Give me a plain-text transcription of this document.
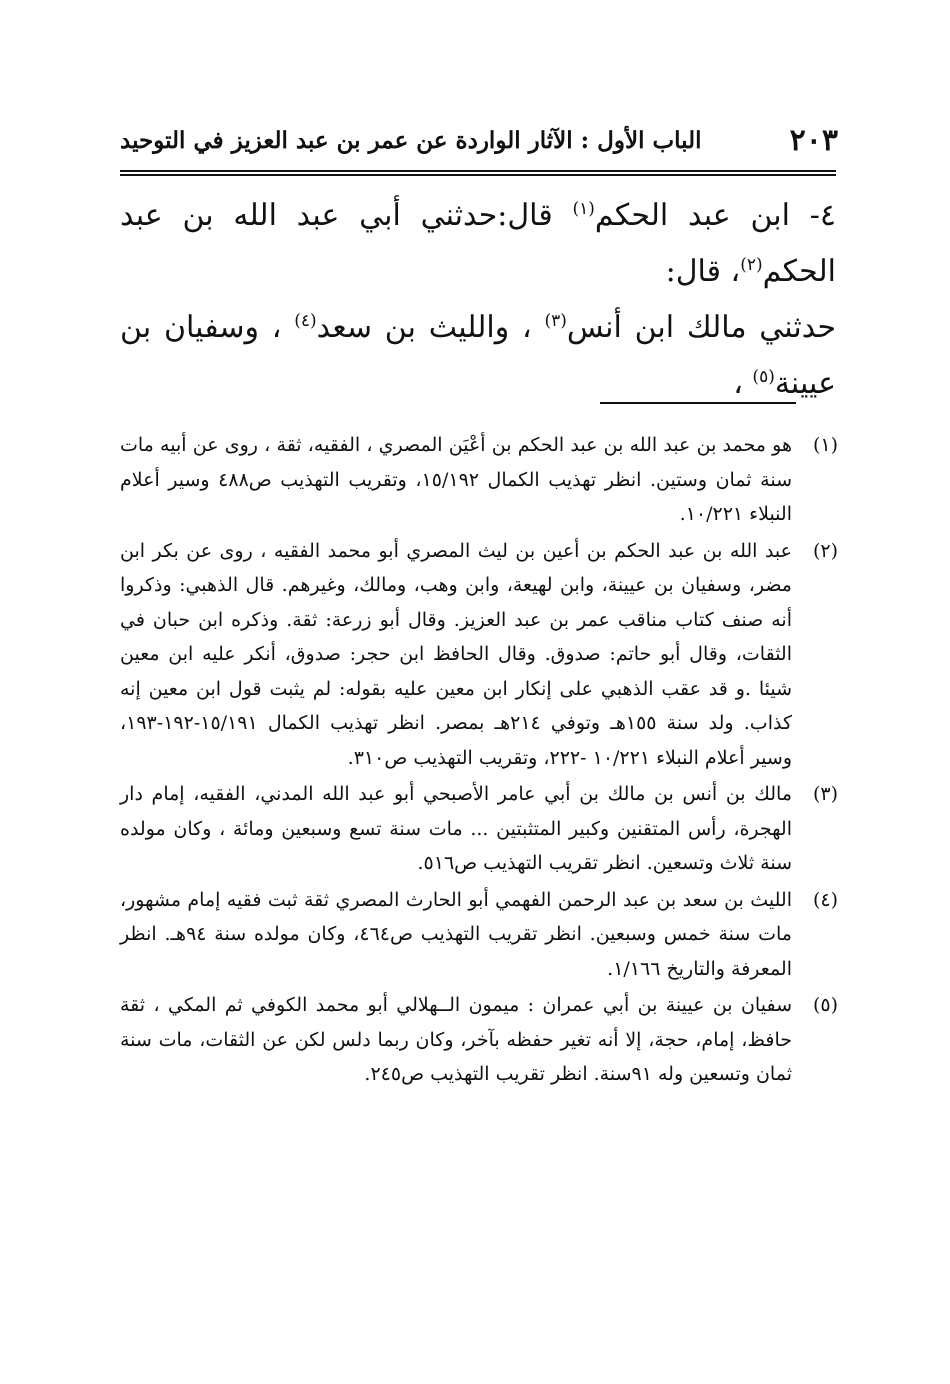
٢٠٣
الباب الأول : الآثار الواردة عن عمر بن عبد العزيز في التوحيد

٤- ابن عبد الحكم$^{(١)}$ قال:حدثني أبي عبد الله بن عبد الحكم$^{(٢)}$، قال:

حدثني مالك ابن أنس$^{(٣)}$ ، والليث بن سعد$^{(٤)}$ ، وسفيان بن عيينة$^{(٥)}$ ،

(١)
هو محمد بن عبد الله بن عبد الحكم بن أعْيَن المصري ، الفقيه، ثقة ، روى عن أبيه مات سنة ثمان وستين. انظر تهذيب الكمال ١٥/١٩٢، وتقريب التهذيب ص٤٨٨ وسير أعلام النبلاء ١٠/٢٢١.
(٢)
عبد الله بن عبد الحكم بن أعين بن ليث المصري أبو محمد الفقيه ، روى عن بكر ابن مضر، وسفيان بن عيينة، وابن لهيعة، وابن وهب، ومالك، وغيرهم. قال الذهبي: وذكروا أنه صنف كتاب مناقب عمر بن عبد العزيز. وقال أبو زرعة: ثقة. وذكره ابن حبان في الثقات، وقال أبو حاتم: صدوق. وقال الحافظ ابن حجر: صدوق، أنكر عليه ابن معين شيئا .و قد عقب الذهبي على إنكار ابن معين عليه بقوله: لم يثبت قول ابن معين إنه كذاب. ولد سنة ١٥٥هـ وتوفي ٢١٤هـ بمصر. انظر تهذيب الكمال ١٥/١٩١-١٩٢-١٩٣، وسير أعلام النبلاء ١٠/٢٢١ -٢٢٢، وتقريب التهذيب ص٣١٠.
(٣)
مالك بن أنس بن مالك بن أبي عامر الأصبحي أبو عبد الله المدني، الفقيه، إمام دار الهجرة، رأس المتقنين وكبير المتثبتين ... مات سنة تسع وسبعين ومائة ، وكان مولده سنة ثلاث وتسعين. انظر تقريب التهذيب ص٥١٦.
(٤)
الليث بن سعد بن عبد الرحمن الفهمي أبو الحارث المصري ثقة ثبت فقيه إمام مشهور، مات سنة خمس وسبعين. انظر تقريب التهذيب ص٤٦٤، وكان مولده سنة ٩٤هـ. انظر المعرفة والتاريخ ١/١٦٦.
(٥)
سفيان بن عيينة بن أبي عمران : ميمون الــهلالي أبو محمد الكوفي ثم المكي ، ثقة حافظ، إمام، حجة، إلا أنه تغير حفظه بآخر، وكان ربما دلس لكن عن الثقات، مات سنة ثمان وتسعين وله ٩١سنة. انظر تقريب التهذيب ص٢٤٥.
